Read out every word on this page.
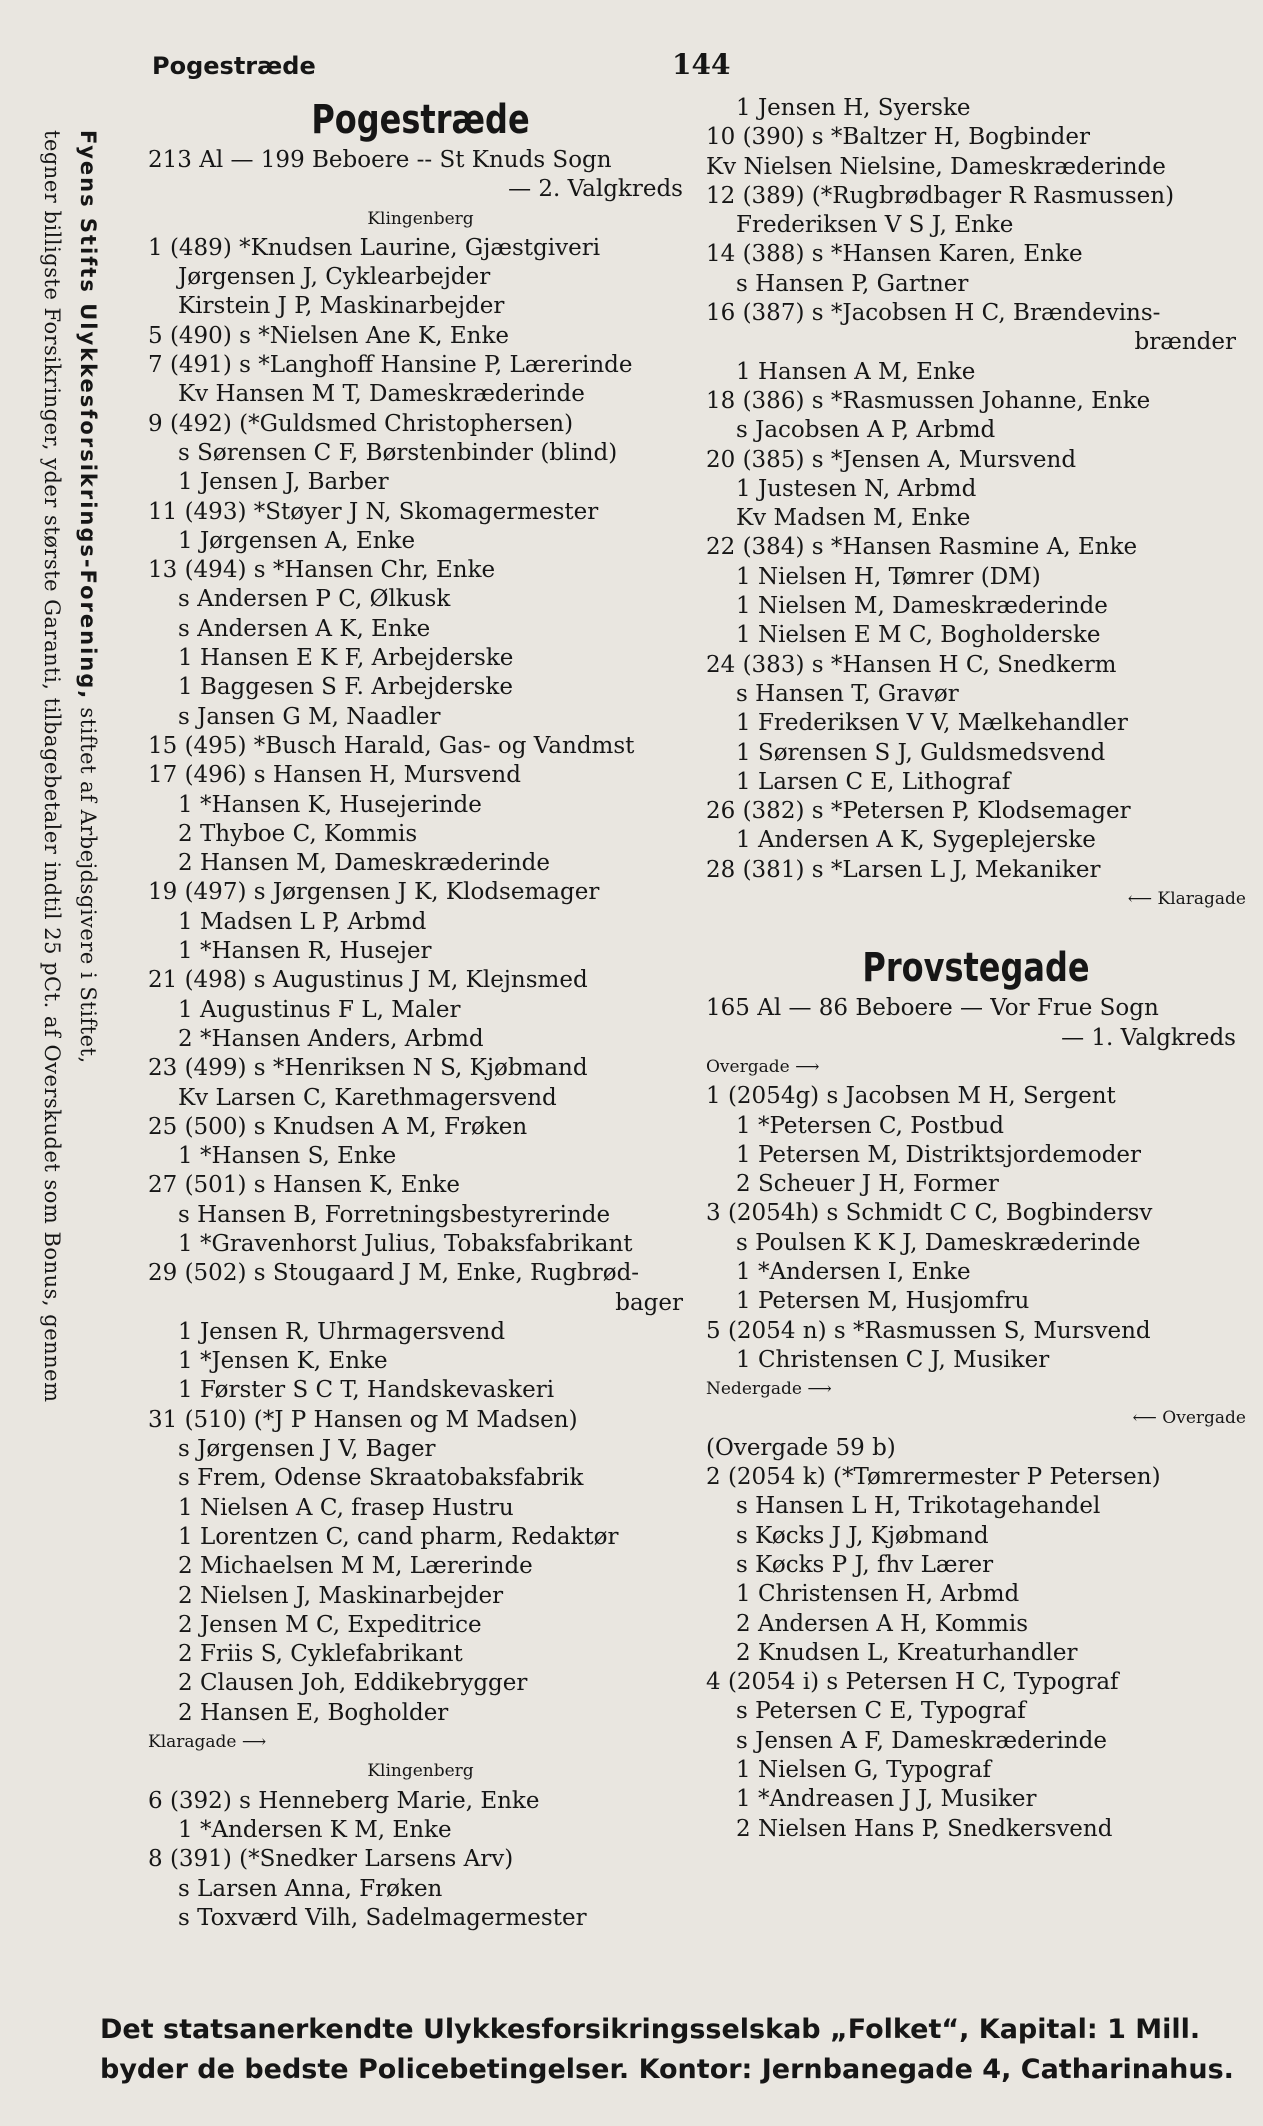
Pogestræde	144
Fyens Stifts Ulykkesforsikrings-Forening, stiftet af Arbejdsgivere i Stiftet,
tegner billigste Forsikringer, yder største Garanti, tilbagebetaler indtil 25 pCt. af Overskudet som Bonus, gennem
Pogestræde
213 Al — 199 Beboere -- St Knuds Sogn
— 2. Valgkreds
Klingenberg
1 (489) *Knudsen Laurine, Gjæstgiveri
Jørgensen J, Cyklearbejder
Kirstein J P, Maskinarbejder
5 (490) s *Nielsen Ane K, Enke
7 (491) s *Langhoff Hansine P, Lærerinde
Kv Hansen M T, Dameskræderinde
9 (492) (*Guldsmed Christophersen)
s Sørensen C F, Børstenbinder (blind)
1 Jensen J, Barber
11 (493) *Støyer J N, Skomagermester
1 Jørgensen A, Enke
13 (494) s *Hansen Chr, Enke
s Andersen P C, Ølkusk
s Andersen A K, Enke
1 Hansen E K F, Arbejderske
1 Baggesen S F. Arbejderske
s Jansen G M, Naadler
15 (495) *Busch Harald, Gas- og Vandmst
17 (496) s Hansen H, Mursvend
1 *Hansen K, Husejerinde
2 Thyboe C, Kommis
2 Hansen M, Dameskræderinde
19 (497) s Jørgensen J K, Klodsemager
1 Madsen L P, Arbmd
1 *Hansen R, Husejer
21 (498) s Augustinus J M, Klejnsmed
1 Augustinus F L, Maler
2 *Hansen Anders, Arbmd
23 (499) s *Henriksen N S, Kjøbmand
Kv Larsen C, Karethmagersvend
25 (500) s Knudsen A M, Frøken
1 *Hansen S, Enke
27 (501) s Hansen K, Enke
s Hansen B, Forretningsbestyrerinde
1 *Gravenhorst Julius, Tobaksfabrikant
29 (502) s Stougaard J M, Enke, Rugbrød-
bager
1 Jensen R, Uhrmagersvend
1 *Jensen K, Enke
1 Førster S C T, Handskevaskeri
31 (510) (*J P Hansen og M Madsen)
s Jørgensen J V, Bager
s Frem, Odense Skraatobaksfabrik
1 Nielsen A C, frasep Hustru
1 Lorentzen C, cand pharm, Redaktør
2 Michaelsen M M, Lærerinde
2 Nielsen J, Maskinarbejder
2 Jensen M C, Expeditrice
2 Friis S, Cyklefabrikant
2 Clausen Joh, Eddikebrygger
2 Hansen E, Bogholder
Klaragade ⟶
Klingenberg
6 (392) s Henneberg Marie, Enke
1 *Andersen K M, Enke
8 (391) (*Snedker Larsens Arv)
s Larsen Anna, Frøken
s Toxværd Vilh, Sadelmagermester
1 Jensen H, Syerske
10 (390) s *Baltzer H, Bogbinder
Kv Nielsen Nielsine, Dameskræderinde
12 (389) (*Rugbrødbager R Rasmussen)
Frederiksen V S J, Enke
14 (388) s *Hansen Karen, Enke
s Hansen P, Gartner
16 (387) s *Jacobsen H C, Brændevins-
brænder
1 Hansen A M, Enke
18 (386) s *Rasmussen Johanne, Enke
s Jacobsen A P, Arbmd
20 (385) s *Jensen A, Mursvend
1 Justesen N, Arbmd
Kv Madsen M, Enke
22 (384) s *Hansen Rasmine A, Enke
1 Nielsen H, Tømrer (DM)
1 Nielsen M, Dameskræderinde
1 Nielsen E M C, Bogholderske
24 (383) s *Hansen H C, Snedkerm
s Hansen T, Gravør
1 Frederiksen V V, Mælkehandler
1 Sørensen S J, Guldsmedsvend
1 Larsen C E, Lithograf
26 (382) s *Petersen P, Klodsemager
1 Andersen A K, Sygeplejerske
28 (381) s *Larsen L J, Mekaniker
⟵ Klaragade
Provstegade
165 Al — 86 Beboere — Vor Frue Sogn
— 1. Valgkreds
Overgade ⟶
1 (2054g) s Jacobsen M H, Sergent
1 *Petersen C, Postbud
1 Petersen M, Distriktsjordemoder
2 Scheuer J H, Former
3 (2054h) s Schmidt C C, Bogbindersv
s Poulsen K K J, Dameskræderinde
1 *Andersen I, Enke
1 Petersen M, Husjomfru
5 (2054 n) s *Rasmussen S, Mursvend
1 Christensen C J, Musiker
Nedergade ⟶
⟵ Overgade
(Overgade 59 b)
2 (2054 k) (*Tømrermester P Petersen)
s Hansen L H, Trikotagehandel
s Køcks J J, Kjøbmand
s Køcks P J, fhv Lærer
1 Christensen H, Arbmd
2 Andersen A H, Kommis
2 Knudsen L, Kreaturhandler
4 (2054 i) s Petersen H C, Typograf
s Petersen C E, Typograf
s Jensen A F, Dameskræderinde
1 Nielsen G, Typograf
1 *Andreasen J J, Musiker
2 Nielsen Hans P, Snedkersvend
Det statsanerkendte Ulykkesforsikringsselskab „Folket“, Kapital: 1 Mill.
byder de bedste Policebetingelser. Kontor: Jernbanegade 4, Catharinahus.
